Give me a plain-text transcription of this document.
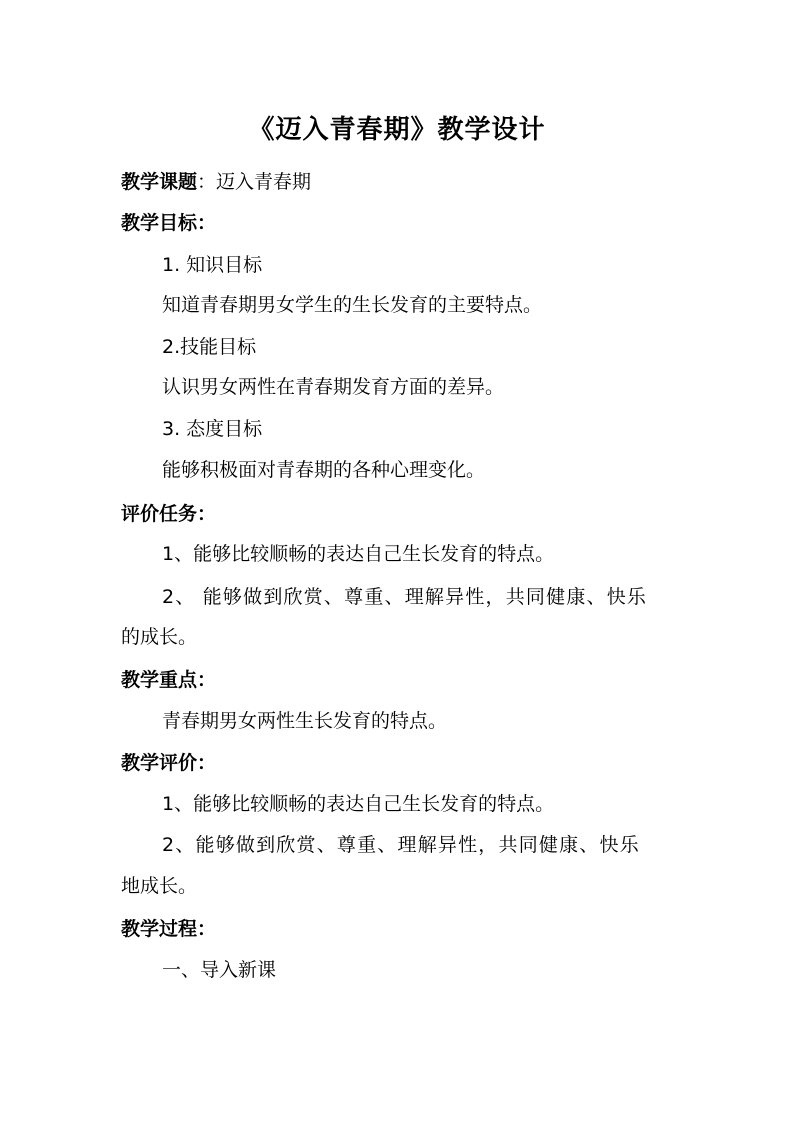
《迈入青春期》教学设计
教学课题：迈入青春期
教学目标：
1. 知识目标
知道青春期男女学生的生长发育的主要特点。
2.技能目标
认识男女两性在青春期发育方面的差异。
3. 态度目标
能够积极面对青春期的各种心理变化。
评价任务：
1、能够比较顺畅的表达自己生长发育的特点。
2、 能够做到欣赏、尊重、理解异性，共同健康、快乐
的成长。
教学重点：
青春期男女两性生长发育的特点。
教学评价：
1、能够比较顺畅的表达自己生长发育的特点。
2、能够做到欣赏、尊重、理解异性，共同健康、快乐
地成长。
教学过程：
一、导入新课
